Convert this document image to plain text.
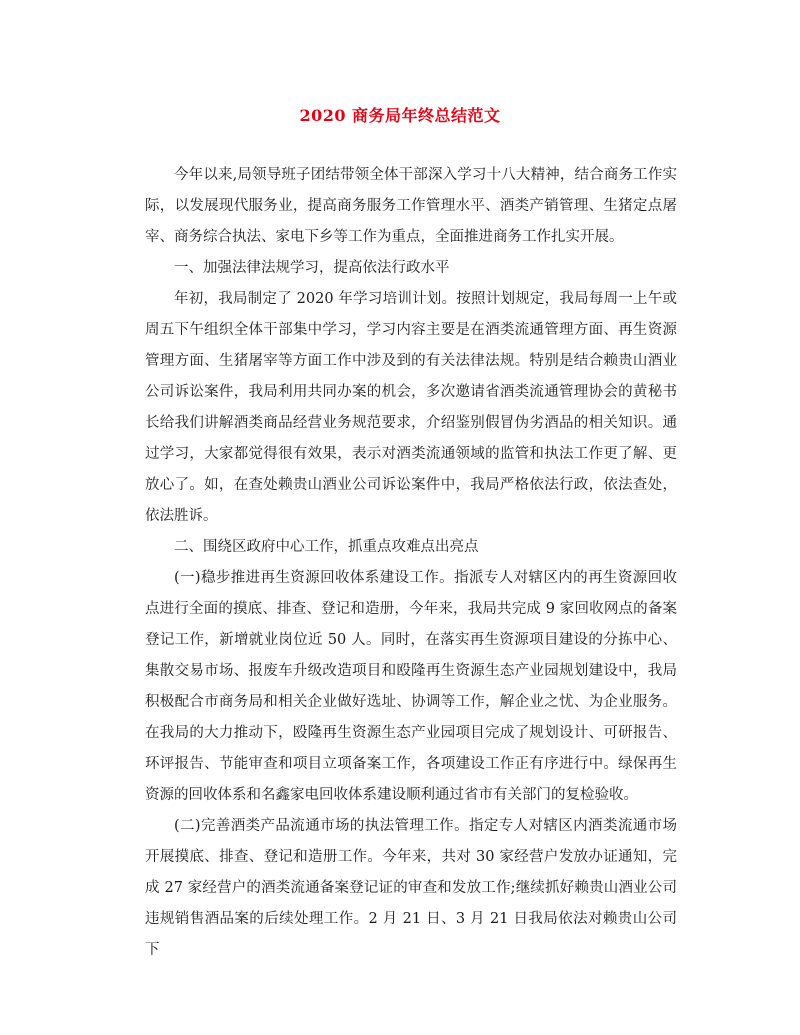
2020 商务局年终总结范文

今年以来,局领导班子团结带领全体干部深入学习十八大精神，结合商务工作实际，以发展现代服务业，提高商务服务工作管理水平、酒类产销管理、生猪定点屠宰、商务综合执法、家电下乡等工作为重点，全面推进商务工作扎实开展。

一、加强法律法规学习，提高依法行政水平

年初，我局制定了 2020 年学习培训计划。按照计划规定，我局每周一上午或周五下午组织全体干部集中学习，学习内容主要是在酒类流通管理方面、再生资源管理方面、生猪屠宰等方面工作中涉及到的有关法律法规。特别是结合赖贵山酒业公司诉讼案件，我局利用共同办案的机会，多次邀请省酒类流通管理协会的黄秘书长给我们讲解酒类商品经营业务规范要求，介绍鉴别假冒伪劣酒品的相关知识。通过学习，大家都觉得很有效果，表示对酒类流通领域的监管和执法工作更了解、更放心了。如，在查处赖贵山酒业公司诉讼案件中，我局严格依法行政，依法查处，依法胜诉。

二、围绕区政府中心工作，抓重点攻难点出亮点

(一)稳步推进再生资源回收体系建设工作。指派专人对辖区内的再生资源回收点进行全面的摸底、排查、登记和造册，今年来，我局共完成 9 家回收网点的备案登记工作，新增就业岗位近 50 人。同时，在落实再生资源项目建设的分拣中心、集散交易市场、报废车升级改造项目和殴隆再生资源生态产业园规划建设中，我局积极配合市商务局和相关企业做好选址、协调等工作，解企业之忧、为企业服务。在我局的大力推动下，殴隆再生资源生态产业园项目完成了规划设计、可研报告、环评报告、节能审查和项目立项备案工作，各项建设工作正有序进行中。绿保再生资源的回收体系和名鑫家电回收体系建设顺利通过省市有关部门的复检验收。

(二)完善酒类产品流通市场的执法管理工作。指定专人对辖区内酒类流通市场开展摸底、排查、登记和造册工作。今年来，共对 30 家经营户发放办证通知，完成 27 家经营户的酒类流通备案登记证的审查和发放工作;继续抓好赖贵山酒业公司违规销售酒品案的后续处理工作。2 月 21 日、3 月 21 日我局依法对赖贵山公司下
